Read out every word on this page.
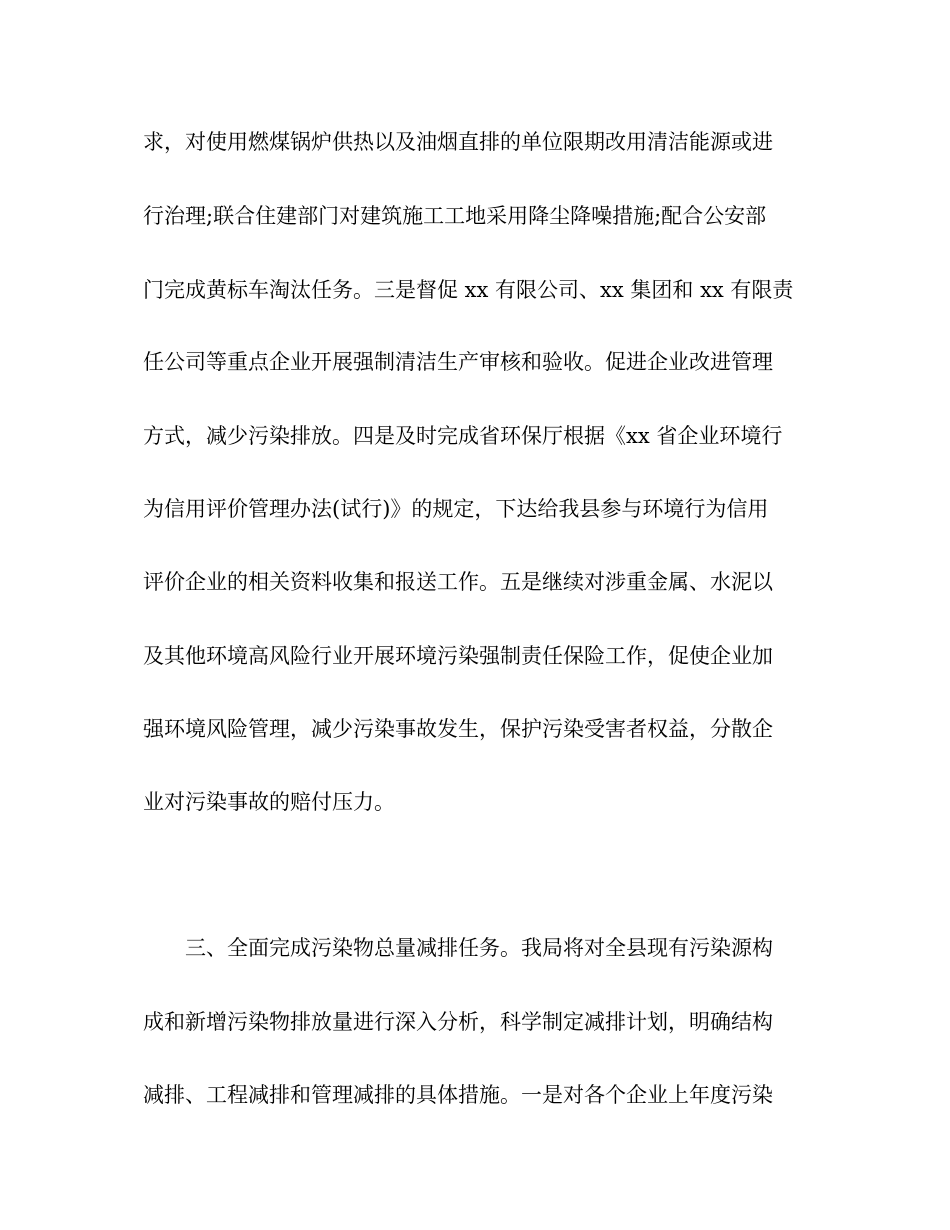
求，对使用燃煤锅炉供热以及油烟直排的单位限期改用清洁能源或进
行治理;联合住建部门对建筑施工工地采用降尘降噪措施;配合公安部
门完成黄标车淘汰任务。三是督促 xx 有限公司、xx 集团和 xx 有限责
任公司等重点企业开展强制清洁生产审核和验收。促进企业改进管理
方式，减少污染排放。四是及时完成省环保厅根据《xx 省企业环境行
为信用评价管理办法(试行)》的规定，下达给我县参与环境行为信用
评价企业的相关资料收集和报送工作。五是继续对涉重金属、水泥以
及其他环境高风险行业开展环境污染强制责任保险工作，促使企业加
强环境风险管理，减少污染事故发生，保护污染受害者权益，分散企
业对污染事故的赔付压力。
三、全面完成污染物总量减排任务。我局将对全县现有污染源构
成和新增污染物排放量进行深入分析，科学制定减排计划，明确结构
减排、工程减排和管理减排的具体措施。一是对各个企业上年度污染
